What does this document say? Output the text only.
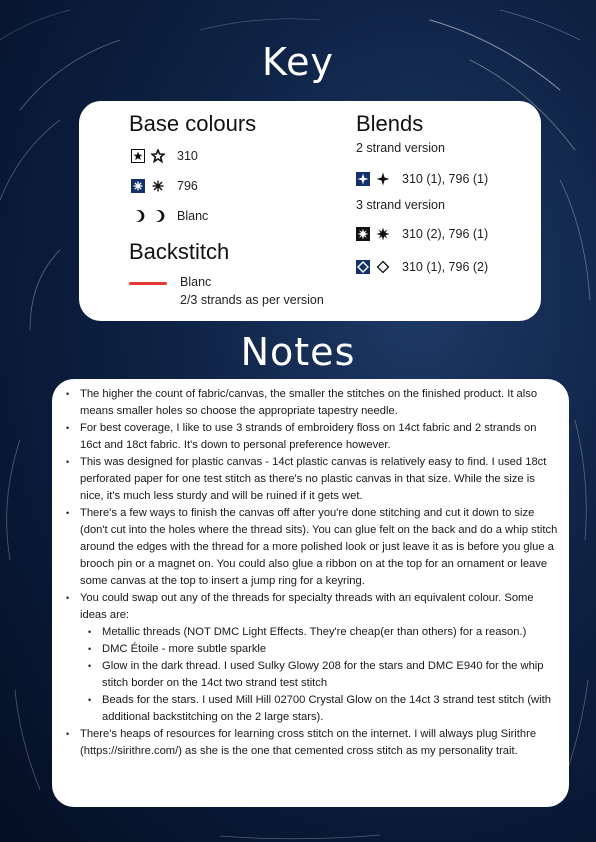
Key
Base colours
310
796
Blanc
Backstitch
Blanc
2/3 strands as per version
Blends
2 strand version
310 (1), 796 (1)
3 strand version
310 (2), 796 (1)
310 (1), 796 (2)
Notes
• The higher the count of fabric/canvas, the smaller the stitches on the finished product. It also means smaller holes so choose the appropriate tapestry needle.
• For best coverage, I like to use 3 strands of embroidery floss on 14ct fabric and 2 strands on 16ct and 18ct fabric. It's down to personal preference however.
• This was designed for plastic canvas - 14ct plastic canvas is relatively easy to find. I used 18ct perforated paper for one test stitch as there's no plastic canvas in that size. While the size is nice, it's much less sturdy and will be ruined if it gets wet.
• There's a few ways to finish the canvas off after you're done stitching and cut it down to size (don't cut into the holes where the thread sits). You can glue felt on the back and do a whip stitch around the edges with the thread for a more polished look or just leave it as is before you glue a brooch pin or a magnet on. You could also glue a ribbon on at the top for an ornament or leave some canvas at the top to insert a jump ring for a keyring.
• You could swap out any of the threads for specialty threads with an equivalent colour. Some ideas are:
• Metallic threads (NOT DMC Light Effects. They're cheap(er than others) for a reason.)
• DMC Étoile - more subtle sparkle
• Glow in the dark thread. I used Sulky Glowy 208 for the stars and DMC E940 for the whip stitch border on the 14ct two strand test stitch
• Beads for the stars. I used Mill Hill 02700 Crystal Glow on the 14ct 3 strand test stitch (with additional backstitching on the 2 large stars).
• There's heaps of resources for learning cross stitch on the internet. I will always plug Sirithre (https://sirithre.com/) as she is the one that cemented cross stitch as my personality trait.
